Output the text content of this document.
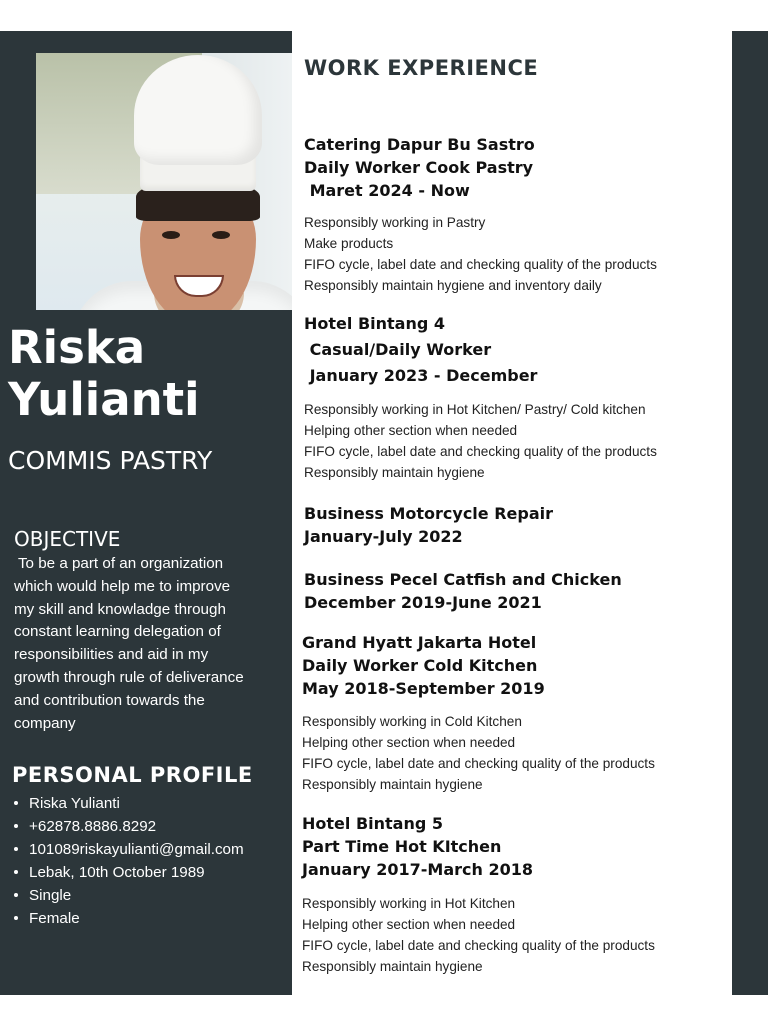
Riska
Yulianti
COMMIS PASTRY
OBJECTIVE
To be a part of an organization
which would help me to improve
my skill and knowladge through
constant learning delegation of
responsibilities and aid in my
growth through rule of deliverance
and contribution towards the
company
PERSONAL PROFILE
Riska Yulianti
+62878.8886.8292
101089riskayulianti@gmail.com
Lebak, 10th October 1989
Single
Female
WORK EXPERIENCE
Catering Dapur Bu Sastro
Daily Worker Cook Pastry
Maret 2024 - Now
Responsibly working in Pastry
Make products
FIFO cycle, label date and checking quality of the products
Responsibly maintain hygiene and inventory daily
Hotel Bintang 4
Casual/Daily Worker
January 2023 - December
Responsibly working in Hot Kitchen/ Pastry/ Cold kitchen
Helping other section when needed
FIFO cycle, label date and checking quality of the products
Responsibly maintain hygiene
Business Motorcycle Repair
January-July 2022
Business Pecel Catfish and Chicken
December 2019-June 2021
Grand Hyatt Jakarta Hotel
Daily Worker Cold Kitchen
May 2018-September 2019
Responsibly working in Cold Kitchen
Helping other section when needed
FIFO cycle, label date and checking quality of the products
Responsibly maintain hygiene
Hotel Bintang 5
Part Time Hot KItchen
January 2017-March 2018
Responsibly working in Hot Kitchen
Helping other section when needed
FIFO cycle, label date and checking quality of the products
Responsibly maintain hygiene
